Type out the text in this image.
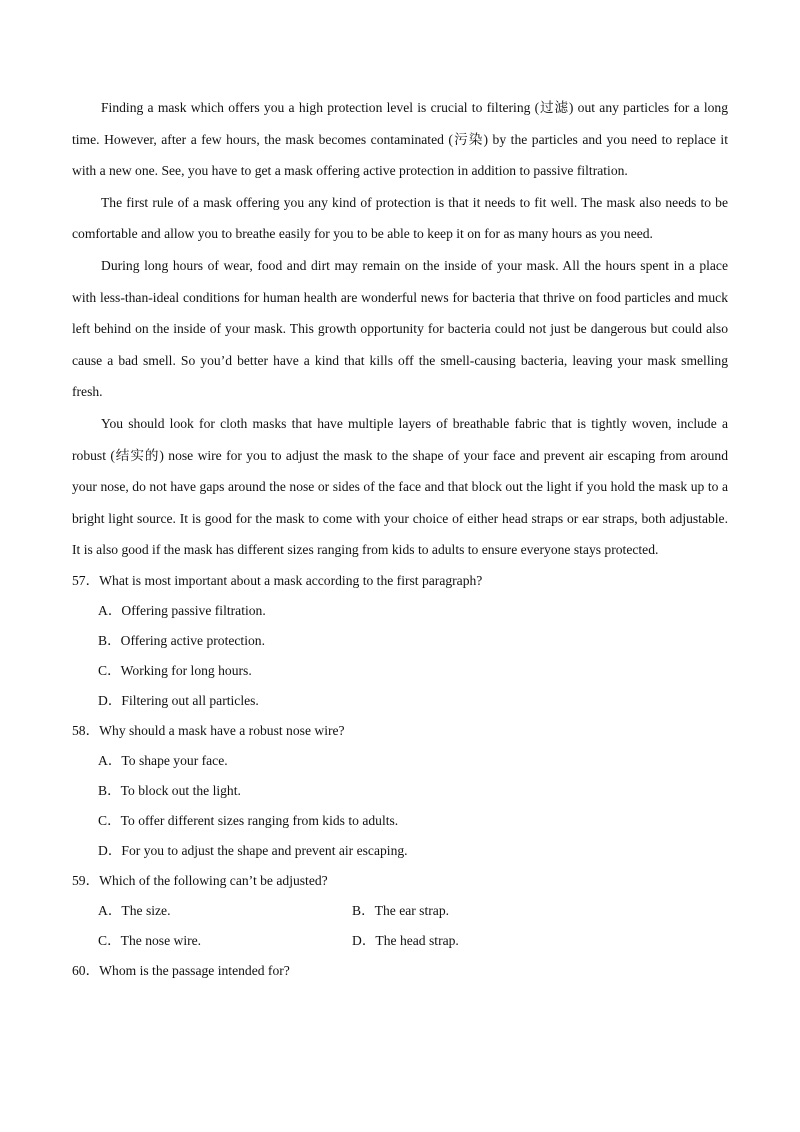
Finding a mask which offers you a high protection level is crucial to filtering (过滤) out any particles for a long time. However, after a few hours, the mask becomes contaminated (污染) by the particles and you need to replace it with a new one. See, you have to get a mask offering active protection in addition to passive filtration.

The first rule of a mask offering you any kind of protection is that it needs to fit well. The mask also needs to be comfortable and allow you to breathe easily for you to be able to keep it on for as many hours as you need.

During long hours of wear, food and dirt may remain on the inside of your mask. All the hours spent in a place with less-than-ideal conditions for human health are wonderful news for bacteria that thrive on food particles and muck left behind on the inside of your mask. This growth opportunity for bacteria could not just be dangerous but could also cause a bad smell. So you’d better have a kind that kills off the smell-causing bacteria, leaving your mask smelling fresh.

You should look for cloth masks that have multiple layers of breathable fabric that is tightly woven, include a robust (结实的) nose wire for you to adjust the mask to the shape of your face and prevent air escaping from around your nose, do not have gaps around the nose or sides of the face and that block out the light if you hold the mask up to a bright light source. It is good for the mask to come with your choice of either head straps or ear straps, both adjustable. It is also good if the mask has different sizes ranging from kids to adults to ensure everyone stays protected.

57．What is most important about a mask according to the first paragraph?

A．Offering passive filtration.

B．Offering active protection.

C．Working for long hours.

D．Filtering out all particles.

58．Why should a mask have a robust nose wire?

A．To shape your face.

B．To block out the light.

C．To offer different sizes ranging from kids to adults.

D．For you to adjust the shape and prevent air escaping.

59．Which of the following can’t be adjusted?

A．The size.	B．The ear strap.

C．The nose wire.	D．The head strap.

60．Whom is the passage intended for?
